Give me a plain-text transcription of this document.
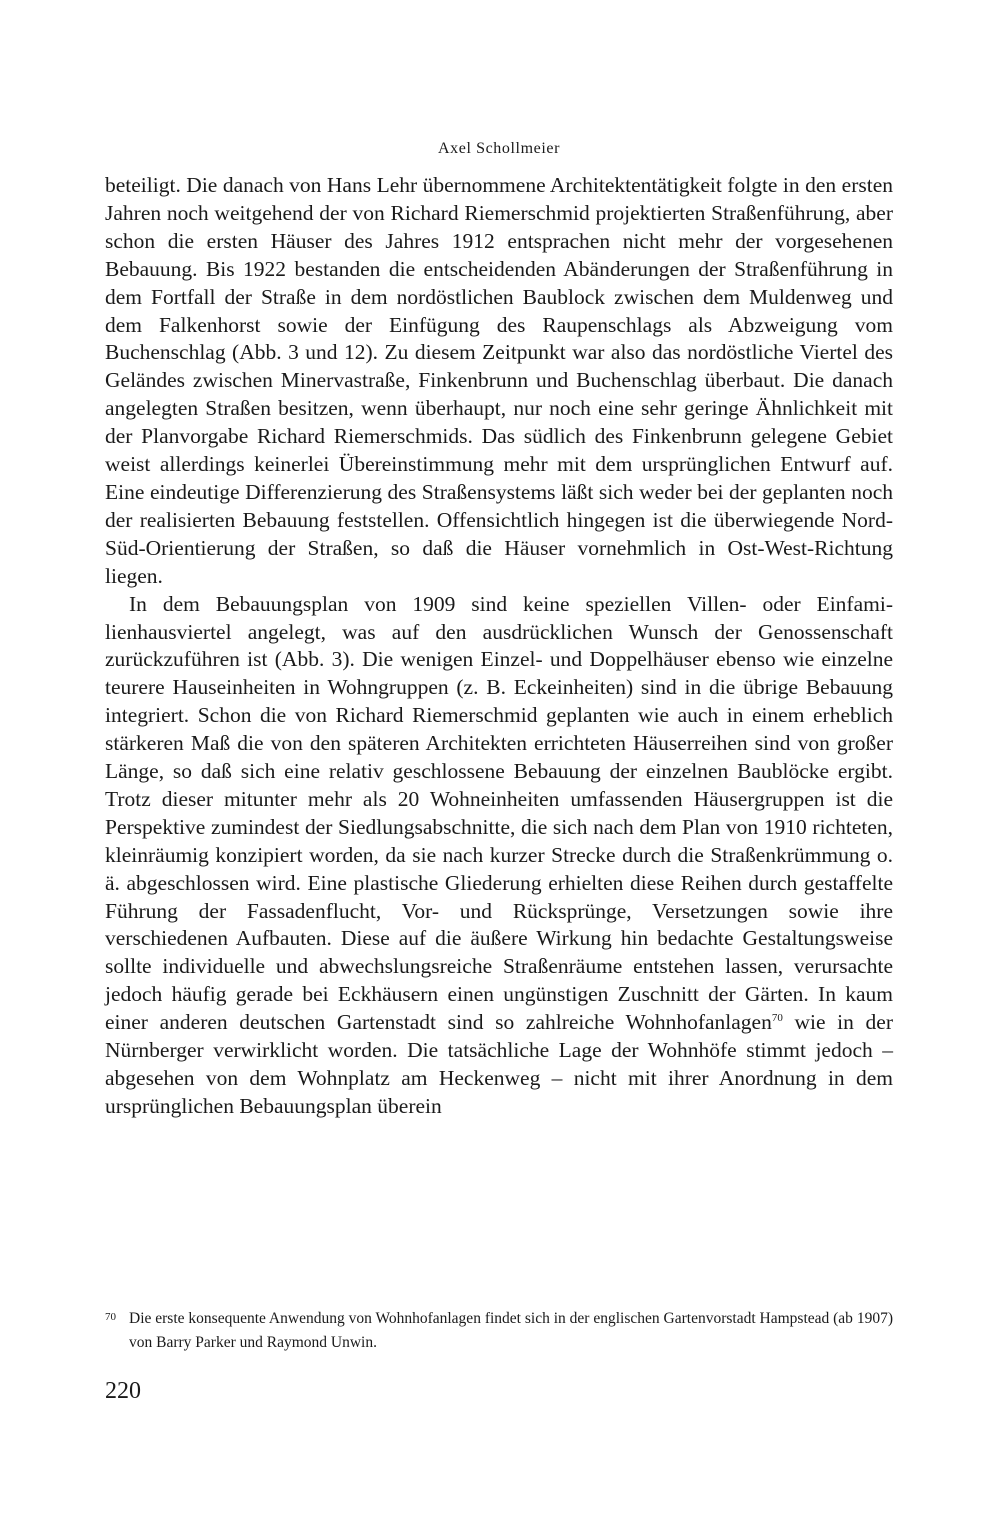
Axel Schollmeier

beteiligt. Die danach von Hans Lehr übernommene Architektentätigkeit folgte in den ersten Jahren noch weitgehend der von Richard Riemerschmid projektierten Straßenführung, aber schon die ersten Häuser des Jahres 1912 entsprachen nicht mehr der vorgesehenen Bebauung. Bis 1922 bestanden die entscheidenden Abänderungen der Straßenführung in dem Fortfall der Straße in dem nordöstlichen Baublock zwischen dem Muldenweg und dem Falkenhorst sowie der Einfügung des Raupenschlags als Abzweigung vom Buchenschlag (Abb. 3 und 12). Zu diesem Zeitpunkt war also das nordöstliche Viertel des Geländes zwischen Minervastraße, Finkenbrunn und Buchenschlag überbaut. Die danach angelegten Straßen besitzen, wenn überhaupt, nur noch eine sehr geringe Ähnlichkeit mit der Planvorgabe Richard Riemerschmids. Das südlich des Finkenbrunn gelegene Gebiet weist allerdings keinerlei Übereinstimmung mehr mit dem ursprünglichen Entwurf auf. Eine eindeutige Differenzierung des Straßensystems läßt sich weder bei der geplanten noch der realisierten Bebauung feststellen. Offensichtlich hingegen ist die überwiegende Nord-Süd-Orientierung der Straßen, so daß die Häuser vornehmlich in Ost-West-Richtung liegen.

In dem Bebauungsplan von 1909 sind keine speziellen Villen- oder Einfamilienhausviertel angelegt, was auf den ausdrücklichen Wunsch der Genossenschaft zurückzuführen ist (Abb. 3). Die wenigen Einzel- und Doppelhäuser ebenso wie einzelne teurere Hauseinheiten in Wohngruppen (z. B. Eckeinheiten) sind in die übrige Bebauung integriert. Schon die von Richard Riemerschmid geplanten wie auch in einem erheblich stärkeren Maß die von den späteren Architekten errichteten Häuserreihen sind von großer Länge, so daß sich eine relativ geschlossene Bebauung der einzelnen Baublöcke ergibt. Trotz dieser mitunter mehr als 20 Wohneinheiten umfassenden Häusergruppen ist die Perspektive zumindest der Siedlungsabschnitte, die sich nach dem Plan von 1910 richteten, kleinräumig konzipiert worden, da sie nach kurzer Strecke durch die Straßenkrümmung o. ä. abgeschlossen wird. Eine plastische Gliederung erhielten diese Reihen durch gestaffelte Führung der Fassadenflucht, Vor- und Rücksprünge, Versetzungen sowie ihre verschiedenen Aufbauten. Diese auf die äußere Wirkung hin bedachte Gestaltungsweise sollte individuelle und abwechslungsreiche Straßenräume entstehen lassen, verursachte jedoch häufig gerade bei Eckhäusern einen ungünstigen Zuschnitt der Gärten. In kaum einer anderen deutschen Gartenstadt sind so zahlreiche Wohnhofanlagen$^{70}$ wie in der Nürnberger verwirklicht worden. Die tatsächliche Lage der Wohnhöfe stimmt jedoch – abgesehen von dem Wohnplatz am Heckenweg – nicht mit ihrer Anordnung in dem ursprünglichen Bebauungsplan überein

70 Die erste konsequente Anwendung von Wohnhofanlagen findet sich in der englischen Gartenvorstadt Hampstead (ab 1907) von Barry Parker und Raymond Unwin.

220
